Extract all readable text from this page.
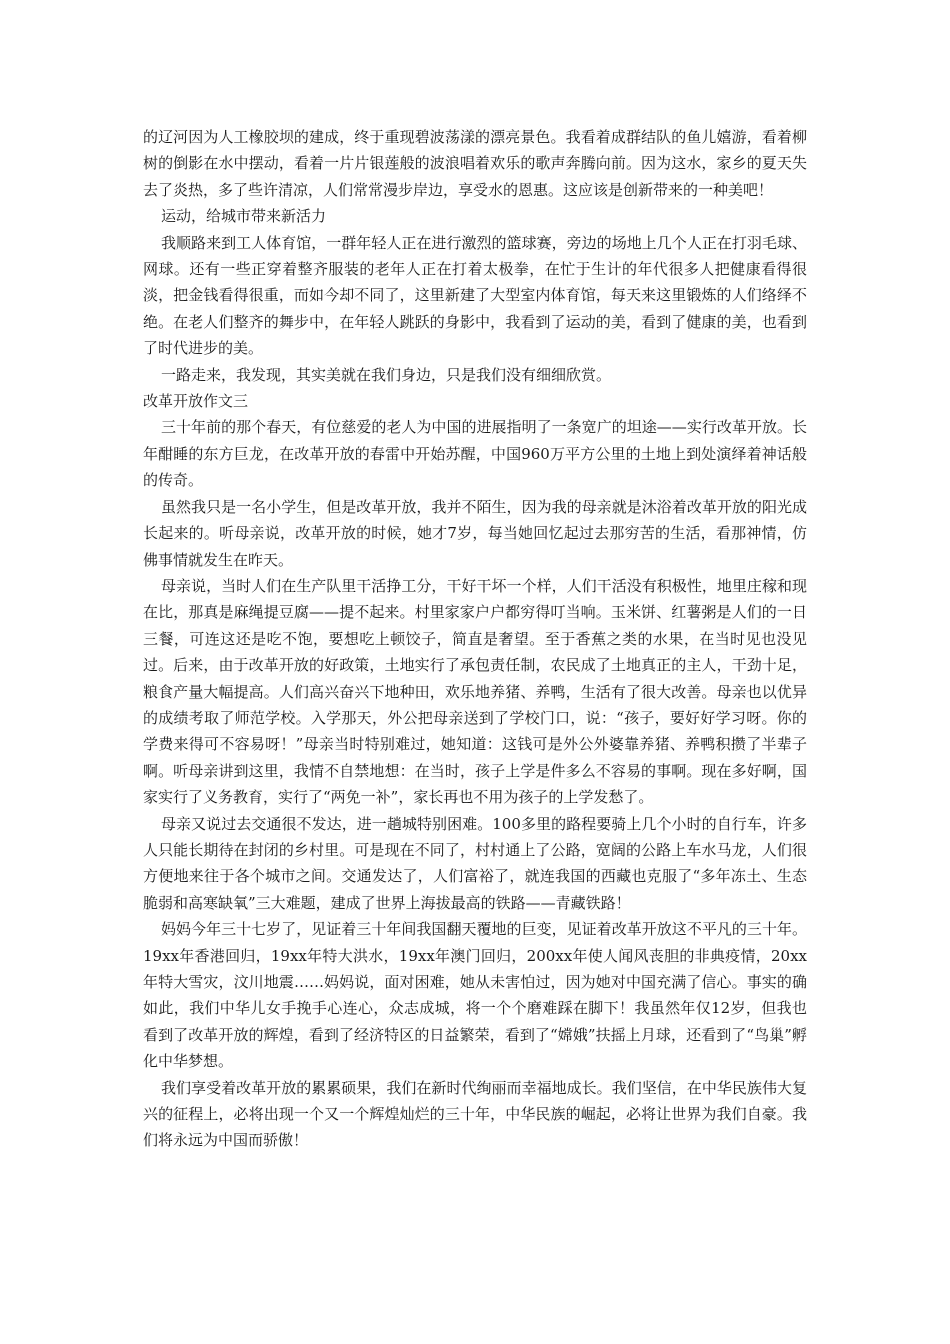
的辽河因为人工橡胶坝的建成，终于重现碧波荡漾的漂亮景色。我看着成群结队的鱼儿嬉游，看着柳树的倒影在水中摆动，看着一片片银莲般的波浪唱着欢乐的歌声奔腾向前。因为这水，家乡的夏天失去了炎热，多了些许清凉，人们常常漫步岸边，享受水的恩惠。这应该是创新带来的一种美吧！

运动，给城市带来新活力

我顺路来到工人体育馆，一群年轻人正在进行激烈的篮球赛，旁边的场地上几个人正在打羽毛球、网球。还有一些正穿着整齐服装的老年人正在打着太极拳，在忙于生计的年代很多人把健康看得很淡，把金钱看得很重，而如今却不同了，这里新建了大型室内体育馆，每天来这里锻炼的人们络绎不绝。在老人们整齐的舞步中，在年轻人跳跃的身影中，我看到了运动的美，看到了健康的美，也看到了时代进步的美。

一路走来，我发现，其实美就在我们身边，只是我们没有细细欣赏。

改革开放作文三

三十年前的那个春天，有位慈爱的老人为中国的进展指明了一条宽广的坦途——实行改革开放。长年酣睡的东方巨龙，在改革开放的春雷中开始苏醒，中国960万平方公里的土地上到处演绎着神话般的传奇。

虽然我只是一名小学生，但是改革开放，我并不陌生，因为我的母亲就是沐浴着改革开放的阳光成长起来的。听母亲说，改革开放的时候，她才7岁，每当她回忆起过去那穷苦的生活，看那神情，仿佛事情就发生在昨天。

母亲说，当时人们在生产队里干活挣工分，干好干坏一个样，人们干活没有积极性，地里庄稼和现在比，那真是麻绳提豆腐——提不起来。村里家家户户都穷得叮当响。玉米饼、红薯粥是人们的一日三餐，可连这还是吃不饱，要想吃上顿饺子，简直是奢望。至于香蕉之类的水果，在当时见也没见过。后来，由于改革开放的好政策，土地实行了承包责任制，农民成了土地真正的主人，干劲十足，粮食产量大幅提高。人们高兴奋兴下地种田，欢乐地养猪、养鸭，生活有了很大改善。母亲也以优异的成绩考取了师范学校。入学那天，外公把母亲送到了学校门口，说：“孩子，要好好学习呀。你的学费来得可不容易呀！”母亲当时特别难过，她知道：这钱可是外公外婆靠养猪、养鸭积攒了半辈子啊。听母亲讲到这里，我情不自禁地想：在当时，孩子上学是件多么不容易的事啊。现在多好啊，国家实行了义务教育，实行了“两免一补”，家长再也不用为孩子的上学发愁了。

母亲又说过去交通很不发达，进一趟城特别困难。100多里的路程要骑上几个小时的自行车，许多人只能长期待在封闭的乡村里。可是现在不同了，村村通上了公路，宽阔的公路上车水马龙，人们很方便地来往于各个城市之间。交通发达了，人们富裕了，就连我国的西藏也克服了“多年冻土、生态脆弱和高寒缺氧”三大难题，建成了世界上海拔最高的铁路——青藏铁路！

妈妈今年三十七岁了，见证着三十年间我国翻天覆地的巨变，见证着改革开放这不平凡的三十年。19xx年香港回归，19xx年特大洪水，19xx年澳门回归，200xx年使人闻风丧胆的非典疫情，20xx年特大雪灾，汶川地震……妈妈说，面对困难，她从未害怕过，因为她对中国充满了信心。事实的确如此，我们中华儿女手挽手心连心，众志成城，将一个个磨难踩在脚下！我虽然年仅12岁，但我也看到了改革开放的辉煌，看到了经济特区的日益繁荣，看到了“嫦娥”扶摇上月球，还看到了“鸟巢”孵化中华梦想。

我们享受着改革开放的累累硕果，我们在新时代绚丽而幸福地成长。我们坚信，在中华民族伟大复兴的征程上，必将出现一个又一个辉煌灿烂的三十年，中华民族的崛起，必将让世界为我们自豪。我们将永远为中国而骄傲！
